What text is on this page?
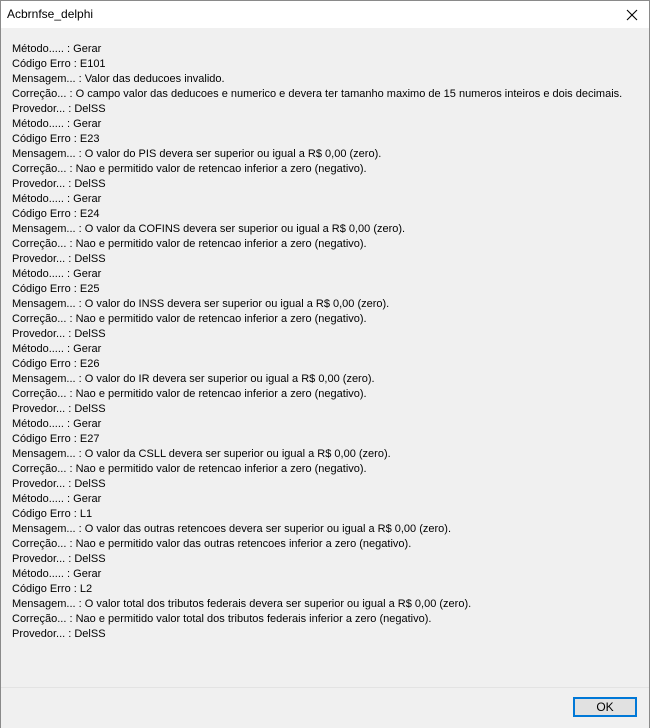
Acbrnfse_delphi
Método..... : Gerar
Código Erro : E101
Mensagem... : Valor das deducoes invalido.
Correção... : O campo valor das deducoes e numerico e devera ter tamanho maximo de 15 numeros inteiros e dois decimais.
Provedor... : DelSS
Método..... : Gerar
Código Erro : E23
Mensagem... : O valor do PIS devera ser superior ou igual a R$ 0,00 (zero).
Correção... : Nao e permitido valor de retencao inferior a zero (negativo).
Provedor... : DelSS
Método..... : Gerar
Código Erro : E24
Mensagem... : O valor da COFINS devera ser superior ou igual a R$ 0,00 (zero).
Correção... : Nao e permitido valor de retencao inferior a zero (negativo).
Provedor... : DelSS
Método..... : Gerar
Código Erro : E25
Mensagem... : O valor do INSS devera ser superior ou igual a R$ 0,00 (zero).
Correção... : Nao e permitido valor de retencao inferior a zero (negativo).
Provedor... : DelSS
Método..... : Gerar
Código Erro : E26
Mensagem... : O valor do IR devera ser superior ou igual a R$ 0,00 (zero).
Correção... : Nao e permitido valor de retencao inferior a zero (negativo).
Provedor... : DelSS
Método..... : Gerar
Código Erro : E27
Mensagem... : O valor da CSLL devera ser superior ou igual a R$ 0,00 (zero).
Correção... : Nao e permitido valor de retencao inferior a zero (negativo).
Provedor... : DelSS
Método..... : Gerar
Código Erro : L1
Mensagem... : O valor das outras retencoes devera ser superior ou igual a R$ 0,00 (zero).
Correção... : Nao e permitido valor das outras retencoes inferior a zero (negativo).
Provedor... : DelSS
Método..... : Gerar
Código Erro : L2
Mensagem... : O valor total dos tributos federais devera ser superior ou igual a R$ 0,00 (zero).
Correção... : Nao e permitido valor total dos tributos federais inferior a zero (negativo).
Provedor... : DelSS
OK
